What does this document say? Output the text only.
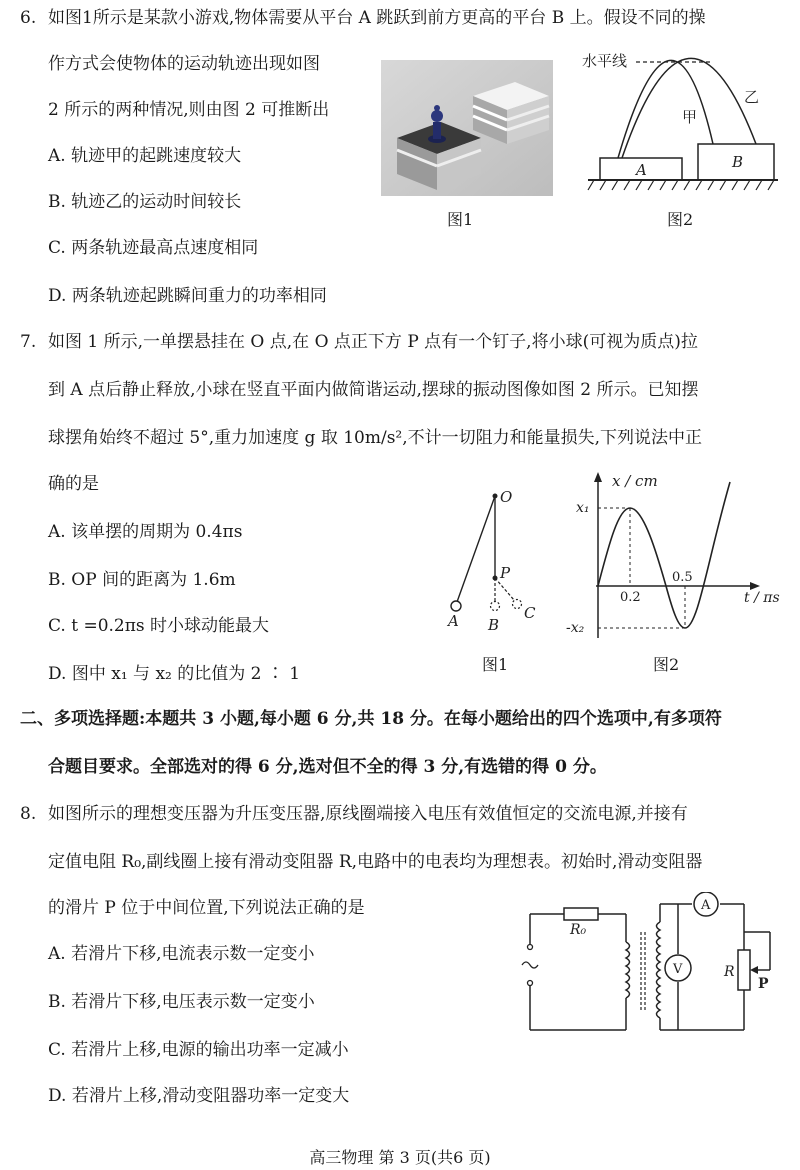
6. 如图1所示是某款小游戏,物体需要从平台 A 跳跃到前方更高的平台 B 上。假设不同的操
作方式会使物体的运动轨迹出现如图
2 所示的两种情况,则由图 2 可推断出
A. 轨迹甲的起跳速度较大
B. 轨迹乙的运动时间较长
C. 两条轨迹最高点速度相同
D. 两条轨迹起跳瞬间重力的功率相同
图1
水平线
甲
乙
A	B
图2
7. 如图 1 所示,一单摆悬挂在 O 点,在 O 点正下方 P 点有一个钉子,将小球(可视为质点)拉
到 A 点后静止释放,小球在竖直平面内做简谐运动,摆球的振动图像如图 2 所示。已知摆
球摆角始终不超过 5°,重力加速度 g 取 10m/s²,不计一切阻力和能量损失,下列说法中正
确的是
A. 该单摆的周期为 0.4πs
B. OP 间的距离为 1.6m
C. t =0.2πs 时小球动能最大
D. 图中 x₁ 与 x₂ 的比值为 2 ∶ 1
O
P
A B
C
图1
x / cm
t / πs
x₁
-x₂
0.2
0.5
图2
二、多项选择题:本题共 3 小题,每小题 6 分,共 18 分。在每小题给出的四个选项中,有多项符
合题目要求。全部选对的得 6 分,选对但不全的得 3 分,有选错的得 0 分。
8. 如图所示的理想变压器为升压变压器,原线圈端接入电压有效值恒定的交流电源,并接有
定值电阻 R₀,副线圈上接有滑动变阻器 R,电路中的电表均为理想表。初始时,滑动变阻器
的滑片 P 位于中间位置,下列说法正确的是
A. 若滑片下移,电流表示数一定变小
B. 若滑片下移,电压表示数一定变小
C. 若滑片上移,电源的输出功率一定减小
D. 若滑片上移,滑动变阻器功率一定变大
R₀
A
V	R
P
高三物理 第 3 页(共6 页)
